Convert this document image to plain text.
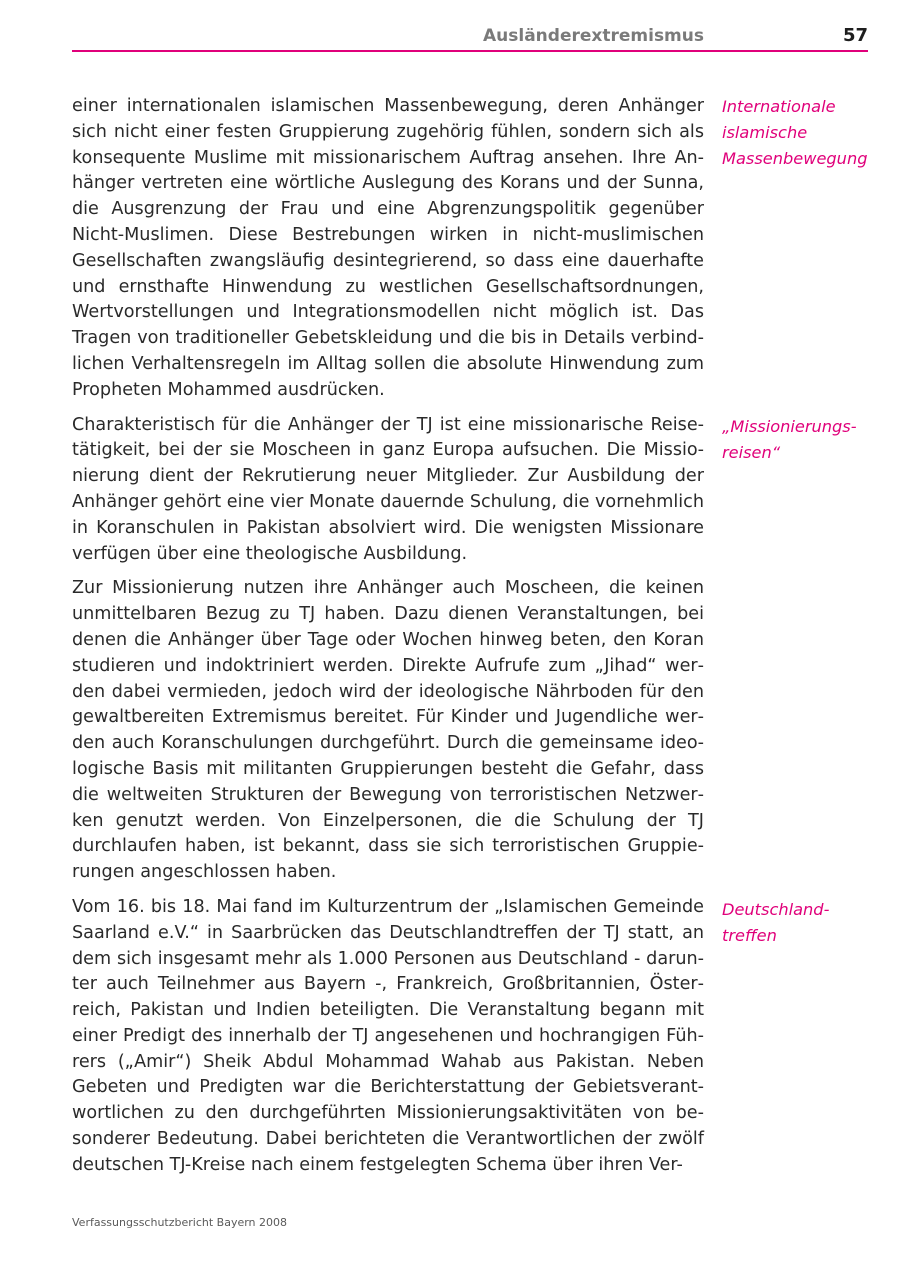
Ausländerextremismus	57

einer internationalen islamischen Massenbewegung, deren Anhänger sich nicht einer festen Gruppierung zugehörig fühlen, sondern sich als konsequente Muslime mit missionarischem Auftrag ansehen. Ihre Anhänger vertreten eine wörtliche Auslegung des Korans und der Sunna, die Ausgrenzung der Frau und eine Abgrenzungspolitik gegenüber Nicht-Muslimen. Diese Bestrebungen wirken in nicht-muslimischen Gesellschaften zwangsläufig desintegrierend, so dass eine dauerhafte und ernsthafte Hinwendung zu westlichen Gesellschaftsordnungen, Wertvorstellungen und Integrationsmodellen nicht möglich ist. Das Tragen von traditioneller Gebetskleidung und die bis in Details verbindlichen Verhaltensregeln im Alltag sollen die absolute Hinwendung zum Propheten Mohammed ausdrücken.

Charakteristisch für die Anhänger der TJ ist eine missionarische Reisetätigkeit, bei der sie Moscheen in ganz Europa aufsuchen. Die Missionierung dient der Rekrutierung neuer Mitglieder. Zur Ausbildung der Anhänger gehört eine vier Monate dauernde Schulung, die vornehmlich in Koranschulen in Pakistan absolviert wird. Die wenigsten Missionare verfügen über eine theologische Ausbildung.

Zur Missionierung nutzen ihre Anhänger auch Moscheen, die keinen unmittelbaren Bezug zu TJ haben. Dazu dienen Veranstaltungen, bei denen die Anhänger über Tage oder Wochen hinweg beten, den Koran studieren und indoktriniert werden. Direkte Aufrufe zum „Jihad“ werden dabei vermieden, jedoch wird der ideologische Nährboden für den gewaltbereiten Extremismus bereitet. Für Kinder und Jugendliche werden auch Koranschulungen durchgeführt. Durch die gemeinsame ideologische Basis mit militanten Gruppierungen besteht die Gefahr, dass die weltweiten Strukturen der Bewegung von terroristischen Netzwerken genutzt werden. Von Einzelpersonen, die die Schulung der TJ durchlaufen haben, ist bekannt, dass sie sich terroristischen Gruppierungen angeschlossen haben.

Vom 16. bis 18. Mai fand im Kulturzentrum der „Islamischen Gemeinde Saarland e.V.“ in Saarbrücken das Deutschlandtreffen der TJ statt, an dem sich insgesamt mehr als 1.000 Personen aus Deutschland - darunter auch Teilnehmer aus Bayern -, Frankreich, Großbritannien, Österreich, Pakistan und Indien beteiligten. Die Veranstaltung begann mit einer Predigt des innerhalb der TJ angesehenen und hochrangigen Führers („Amir“) Sheik Abdul Mohammad Wahab aus Pakistan. Neben Gebeten und Predigten war die Berichterstattung der Gebietsverantwortlichen zu den durchgeführten Missionierungsaktivitäten von besonderer Bedeutung. Dabei berichteten die Verantwortlichen der zwölf deutschen TJ-Kreise nach einem festgelegten Schema über ihren Ver-

Internationale
islamische
Massenbewegung
„Missionierungs-
reisen“
Deutschland-
treffen
Verfassungsschutzbericht Bayern 2008
